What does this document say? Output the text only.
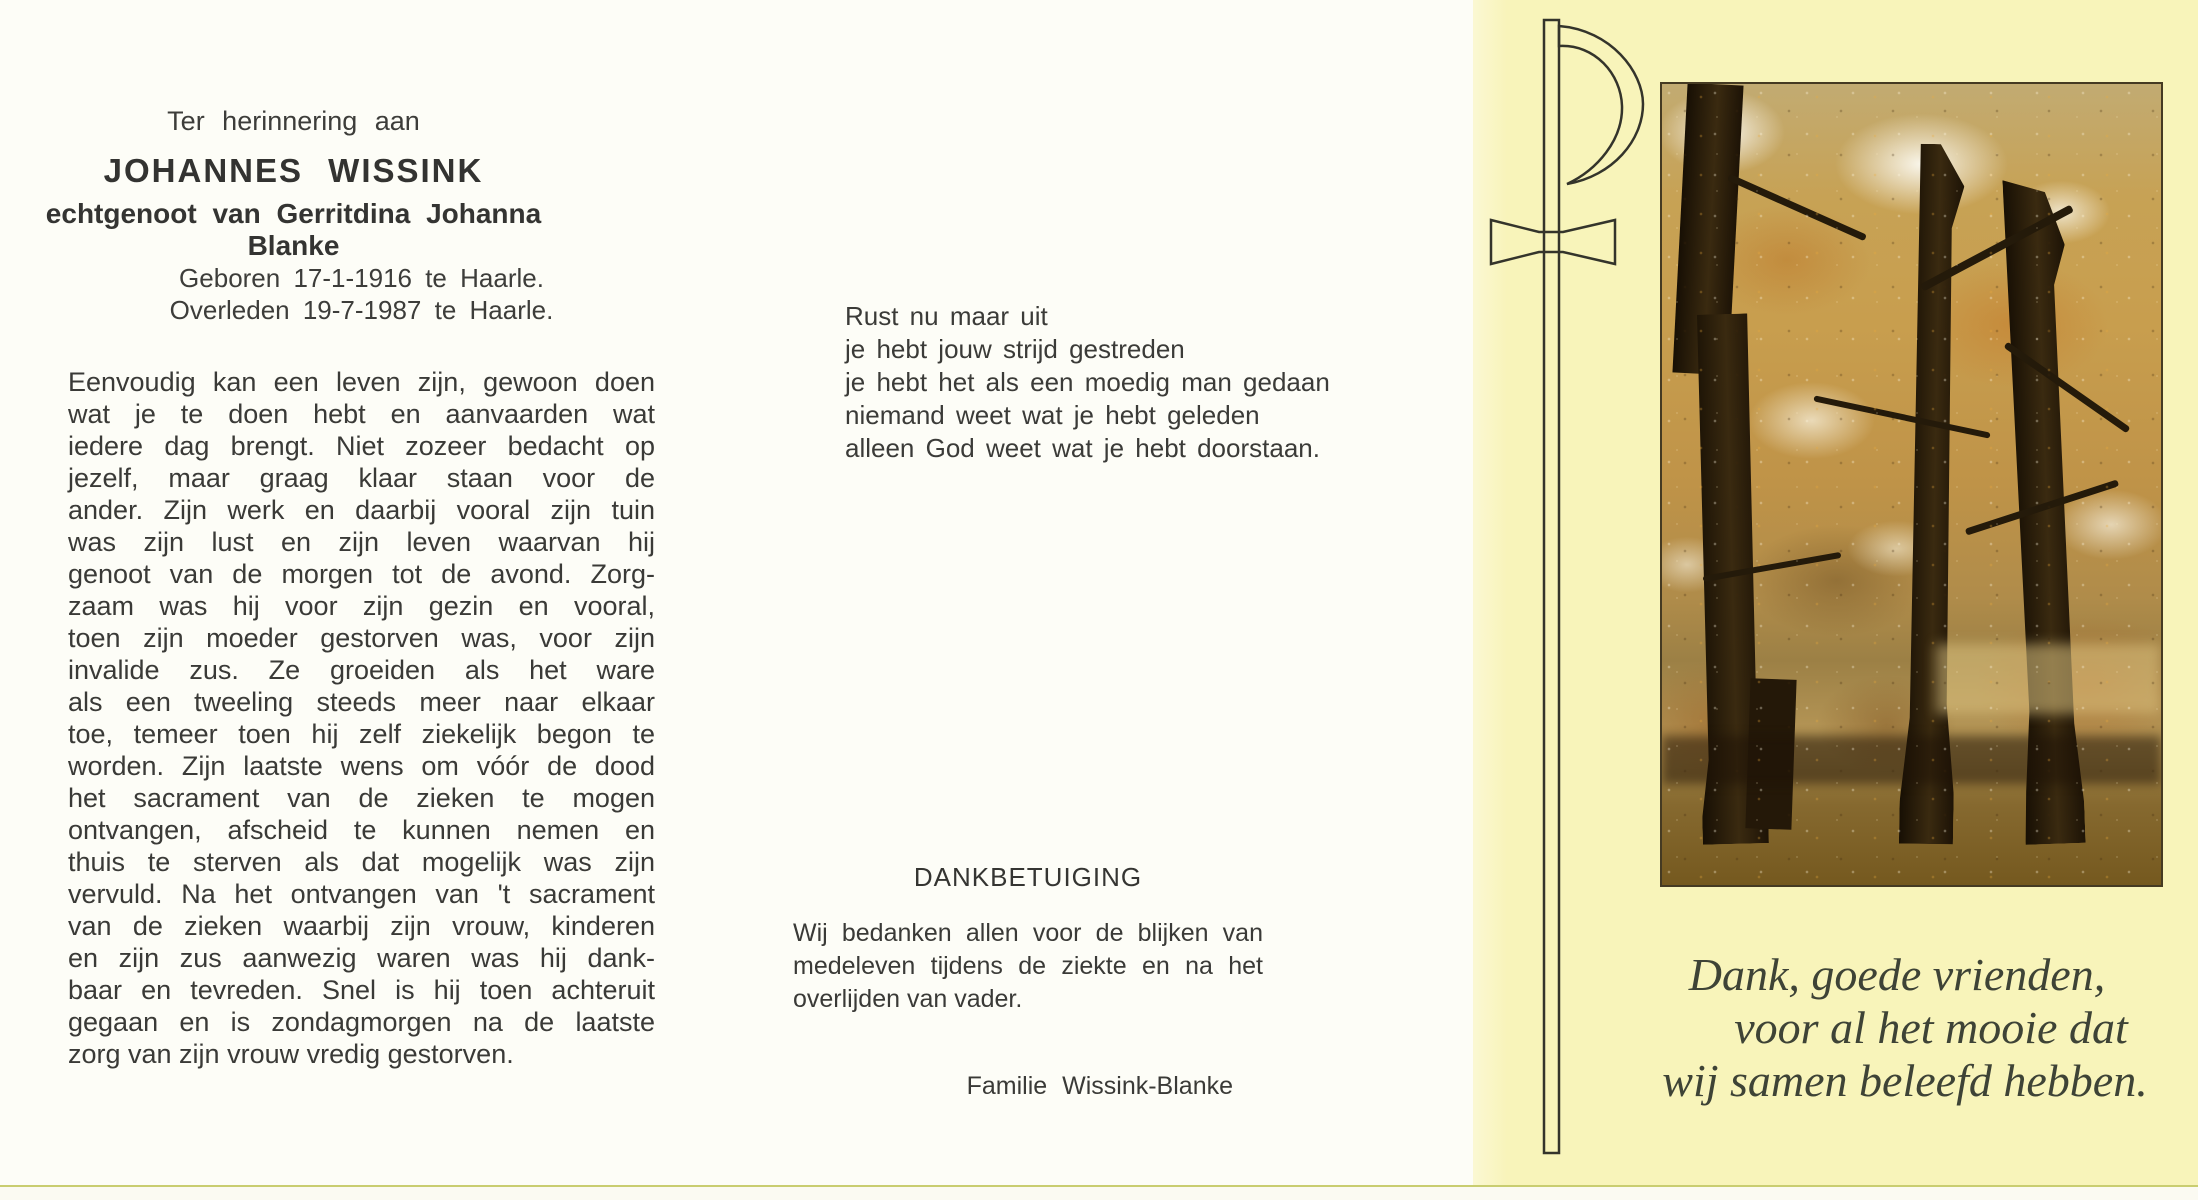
Ter herinnering aan
JOHANNES WISSINK
echtgenoot van Gerritdina Johanna Blanke
Geboren 17-1-1916 te Haarle.
Overleden 19-7-1987 te Haarle.
Eenvoudig kan een leven zijn, gewoon doen
wat je te doen hebt en aanvaarden wat
iedere dag brengt. Niet zozeer bedacht op
jezelf, maar graag klaar staan voor de
ander. Zijn werk en daarbij vooral zijn tuin
was zijn lust en zijn leven waarvan hij
genoot van de morgen tot de avond. Zorg-
zaam was hij voor zijn gezin en vooral,
toen zijn moeder gestorven was, voor zijn
invalide zus. Ze groeiden als het ware
als een tweeling steeds meer naar elkaar
toe, temeer toen hij zelf ziekelijk begon te
worden. Zijn laatste wens om vóór de dood
het sacrament van de zieken te mogen
ontvangen, afscheid te kunnen nemen en
thuis te sterven als dat mogelijk was zijn
vervuld. Na het ontvangen van 't sacrament
van de zieken waarbij zijn vrouw, kinderen
en zijn zus aanwezig waren was hij dank-
baar en tevreden. Snel is hij toen achteruit
gegaan en is zondagmorgen na de laatste
zorg van zijn vrouw vredig gestorven.
Rust nu maar uit
je hebt jouw strijd gestreden
je hebt het als een moedig man gedaan
niemand weet wat je hebt geleden
alleen God weet wat je hebt doorstaan.
DANKBETUIGING
Wij bedanken allen voor de blijken van
medeleven tijdens de ziekte en na het
overlijden van vader.
Familie Wissink-Blanke
Dank, goede vrienden,
voor al het mooie dat
wij samen beleefd hebben.
